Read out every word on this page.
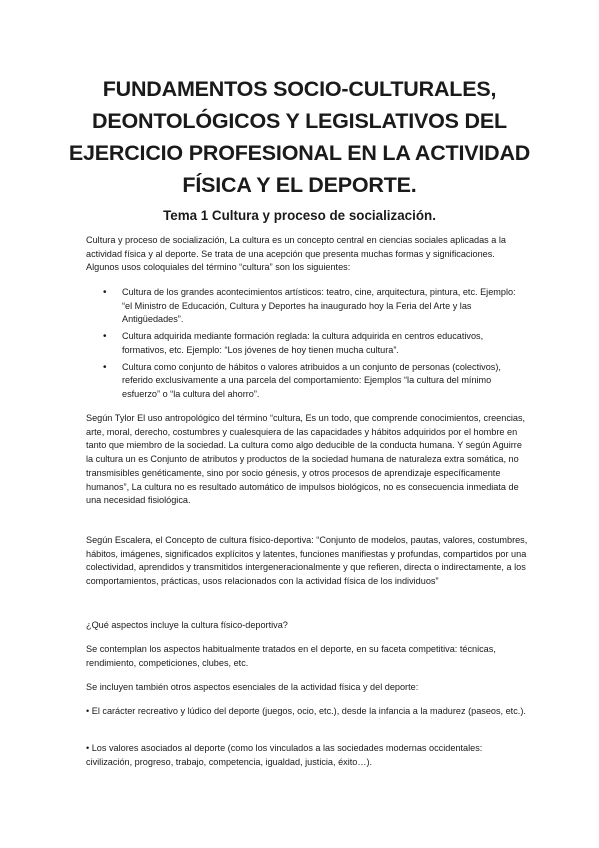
FUNDAMENTOS SOCIO-CULTURALES, DEONTOLÓGICOS Y LEGISLATIVOS DEL EJERCICIO PROFESIONAL EN LA ACTIVIDAD FÍSICA Y EL DEPORTE.
Tema 1 Cultura y proceso de socialización.

Cultura y proceso de socialización, La cultura es un concepto central en ciencias sociales aplicadas a la actividad física y al deporte. Se trata de una acepción que presenta muchas formas y significaciones. Algunos usos coloquiales del término “cultura” son los siguientes:

• Cultura de los grandes acontecimientos artísticos: teatro, cine, arquitectura, pintura, etc. Ejemplo: “el Ministro de Educación, Cultura y Deportes ha inaugurado hoy la Feria del Arte y las Antigüedades”.
• Cultura adquirida mediante formación reglada: la cultura adquirida en centros educativos, formativos, etc. Ejemplo: “Los jóvenes de hoy tienen mucha cultura”.
• Cultura como conjunto de hábitos o valores atribuidos a un conjunto de personas (colectivos), referido exclusivamente a una parcela del comportamiento: Ejemplos “la cultura del mínimo esfuerzo” o “la cultura del ahorro”.

Según Tylor El uso antropológico del término “cultura, Es un todo, que comprende conocimientos, creencias, arte, moral, derecho, costumbres y cualesquiera de las capacidades y hábitos adquiridos por el hombre en tanto que miembro de la sociedad. La cultura como algo deducible de la conducta humana. Y según Aguirre la cultura un es Conjunto de atributos y productos de la sociedad humana de naturaleza extra somática, no transmisibles genéticamente, sino por socio génesis, y otros procesos de aprendizaje específicamente humanos”, La cultura no es resultado automático de impulsos biológicos, no es consecuencia inmediata de una necesidad fisiológica.

Según Escalera, el Concepto de cultura físico-deportiva: “Conjunto de modelos, pautas, valores, costumbres, hábitos, imágenes, significados explícitos y latentes, funciones manifiestas y profundas, compartidos por una colectividad, aprendidos y transmitidos intergeneracionalmente y que refieren, directa o indirectamente, a los comportamientos, prácticas, usos relacionados con la actividad física de los individuos”

¿Qué aspectos incluye la cultura físico-deportiva?

Se contemplan los aspectos habitualmente tratados en el deporte, en su faceta competitiva: técnicas, rendimiento, competiciones, clubes, etc.

Se incluyen también otros aspectos esenciales de la actividad física y del deporte:

• El carácter recreativo y lúdico del deporte (juegos, ocio, etc.), desde la infancia a la madurez (paseos, etc.).

• Los valores asociados al deporte (como los vinculados a las sociedades modernas occidentales: civilización, progreso, trabajo, competencia, igualdad, justicia, éxito…).
